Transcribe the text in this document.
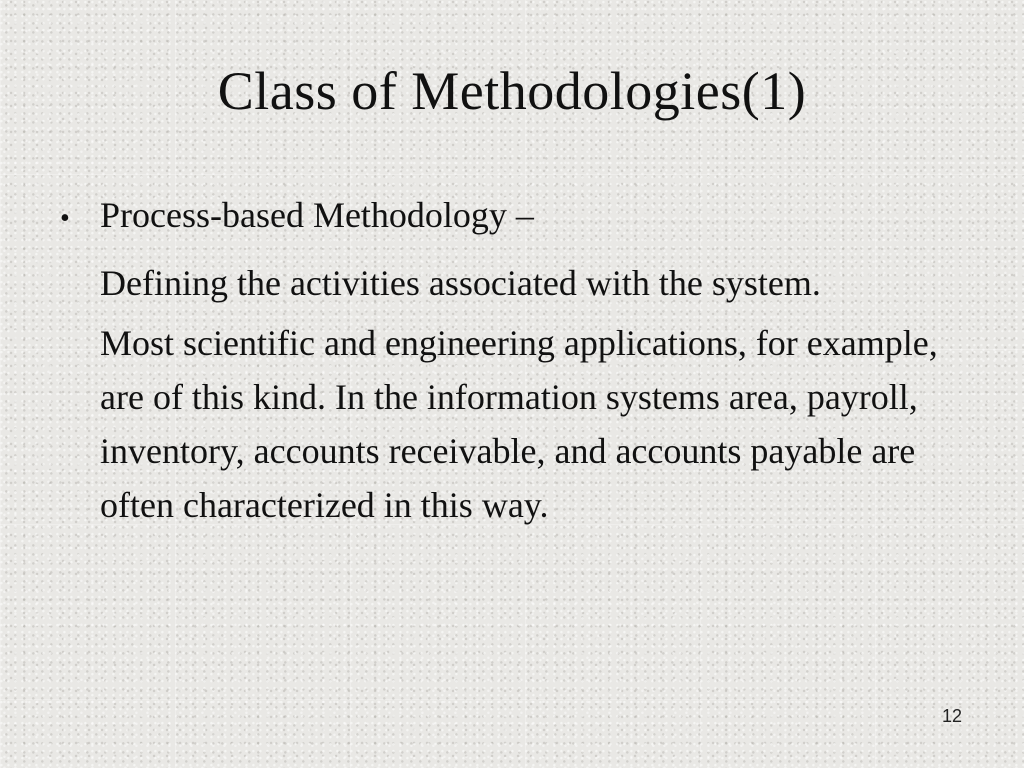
Class of Methodologies(1)
• Process-based Methodology –
Defining the activities associated with the system.
Most scientific and engineering applications, for example, are of this kind. In the information systems area, payroll, inventory, accounts receivable, and accounts payable are often characterized in this way.
12
